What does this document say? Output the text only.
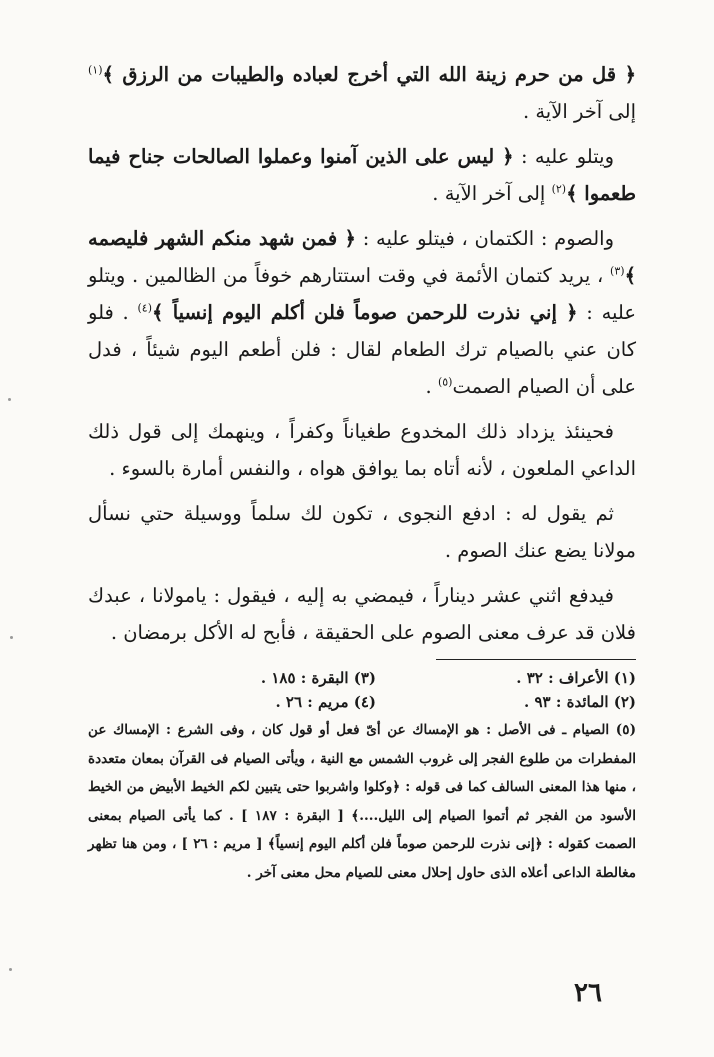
﴿ قل من حرم زينة الله التي أخرج لعباده والطيبات من الرزق ﴾$^{(١)}$ إلى آخر الآية .

ويتلو عليه : ﴿ ليس على الذين آمنوا وعملوا الصالحات جناح فيما طعموا ﴾$^{(٢)}$ إلى آخر الآية .

والصوم : الكتمان ، فيتلو عليه : ﴿ فمن شهد منكم الشهر فليصمه ﴾$^{(٣)}$ ، يريد كتمان الأئمة في وقت استتارهم خوفاً من الظالمين . ويتلو عليه : ﴿ إني نذرت للرحمن صوماً فلن أكلم اليوم إنسياً ﴾$^{(٤)}$ . فلو كان عني بالصيام ترك الطعام لقال : فلن أطعم اليوم شيئاً ، فدل على أن الصيام الصمت$^{(٥)}$ .

فحينئذ يزداد ذلك المخدوع طغياناً وكفراً ، وينهمك إلى قول ذلك الداعي الملعون ، لأنه أتاه بما يوافق هواه ، والنفس أمارة بالسوء .

ثم يقول له : ادفع النجوى ، تكون لك سلماً ووسيلة حتي نسأل مولانا يضع عنك الصوم .

فيدفع اثني عشر ديناراً ، فيمضي به إليه ، فيقول : يامولانا ، عبدك فلان قد عرف معنى الصوم على الحقيقة ، فأبح له الأكل برمضان .

(١) الأعراف : ٣٢ .
(٣) البقرة : ١٨٥ .
(٢) المائدة : ٩٣ .
(٤) مريم : ٢٦ .
(٥) الصيام ـ فى الأصل : هو الإمساك عن أىّ فعل أو قول كان ، وفى الشرع : الإمساك عن المفطرات من طلوع الفجر إلى غروب الشمس مع النية ، ويأتى الصيام فى القرآن بمعان متعددة ، منها هذا المعنى السالف كما فى قوله : ﴿وكلوا واشربوا حتى يتبين لكم الخيط الأبيض من الخيط الأسود من الفجر ثم أتموا الصيام إلى الليل....﴾ [ البقرة : ١٨٧ ] . كما يأتى الصيام بمعنى الصمت كقوله : ﴿إنى نذرت للرحمن صوماً فلن أكلم اليوم إنسياً﴾ [ مريم : ٢٦ ] ، ومن هنا تظهر مغالطة الداعى أعلاه الذى حاول إحلال معنى للصيام محل معنى آخر .
٢٦
